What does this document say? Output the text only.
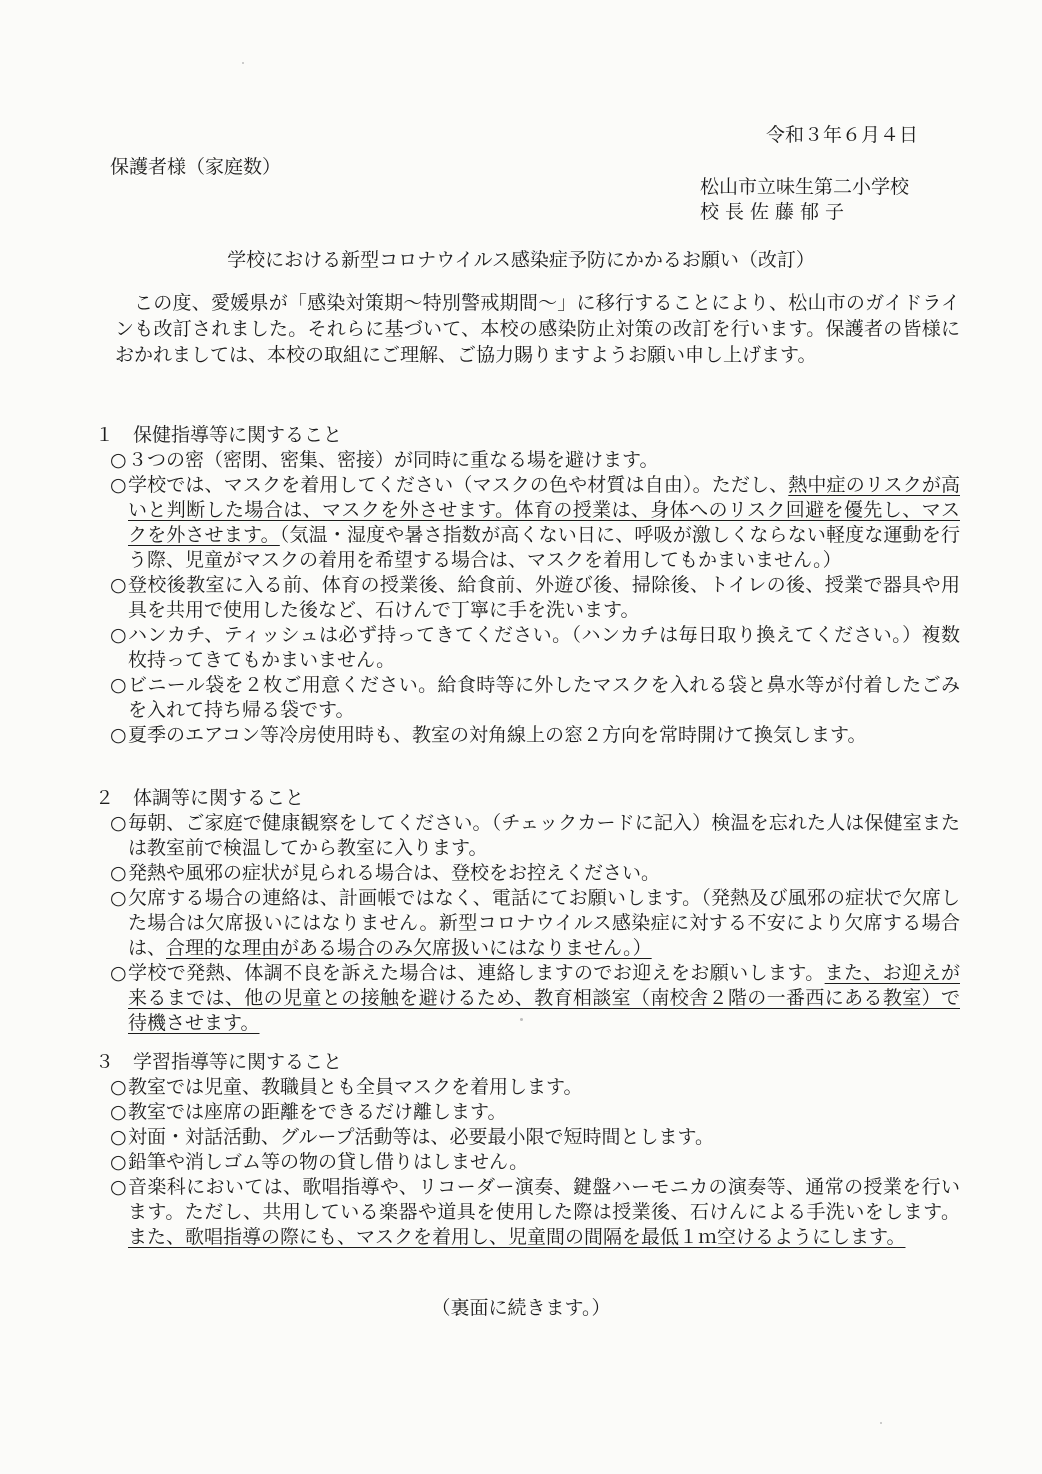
令和３年６月４日
保護者様（家庭数）
松山市立味生第二小学校
校長佐藤郁子
学校における新型コロナウイルス感染症予防にかかるお願い（改訂）
この度、愛媛県が「感染対策期～特別警戒期間～」に移行することにより、松山市のガイドラインも改訂されました。それらに基づいて、本校の感染防止対策の改訂を行います。保護者の皆様におかれましては、本校の取組にご理解、ご協力賜りますようお願い申し上げます。
１ 保健指導等に関すること
○ ３つの密（密閉、密集、密接）が同時に重なる場を避けます。
○ 学校では、マスクを着用してください（マスクの色や材質は自由）。ただし、熱中症のリスクが高いと判断した場合は、マスクを外させます。体育の授業は、身体へのリスク回避を優先し、マスクを外させます。（気温・湿度や暑さ指数が高くない日に、呼吸が激しくならない軽度な運動を行う際、児童がマスクの着用を希望する場合は、マスクを着用してもかまいません。）
○ 登校後教室に入る前、体育の授業後、給食前、外遊び後、掃除後、トイレの後、授業で器具や用具を共用で使用した後など、石けんで丁寧に手を洗います。
○ ハンカチ、ティッシュは必ず持ってきてください。（ハンカチは毎日取り換えてください。）複数枚持ってきてもかまいません。
○ ビニール袋を２枚ご用意ください。給食時等に外したマスクを入れる袋と鼻水等が付着したごみを入れて持ち帰る袋です。
○ 夏季のエアコン等冷房使用時も、教室の対角線上の窓２方向を常時開けて換気します。
２ 体調等に関すること
○ 毎朝、ご家庭で健康観察をしてください。（チェックカードに記入）検温を忘れた人は保健室または教室前で検温してから教室に入ります。
○ 発熱や風邪の症状が見られる場合は、登校をお控えください。
○ 欠席する場合の連絡は、計画帳ではなく、電話にてお願いします。（発熱及び風邪の症状で欠席した場合は欠席扱いにはなりません。新型コロナウイルス感染症に対する不安により欠席する場合は、合理的な理由がある場合のみ欠席扱いにはなりません。）
○ 学校で発熱、体調不良を訴えた場合は、連絡しますのでお迎えをお願いします。また、お迎えが来るまでは、他の児童との接触を避けるため、教育相談室（南校舎２階の一番西にある教室）で待機させます。
３ 学習指導等に関すること
○ 教室では児童、教職員とも全員マスクを着用します。
○ 教室では座席の距離をできるだけ離します。
○ 対面・対話活動、グループ活動等は、必要最小限で短時間とします。
○ 鉛筆や消しゴム等の物の貸し借りはしません。
○ 音楽科においては、歌唱指導や、リコーダー演奏、鍵盤ハーモニカの演奏等、通常の授業を行います。ただし、共用している楽器や道具を使用した際は授業後、石けんによる手洗いをします。また、歌唱指導の際にも、マスクを着用し、児童間の間隔を最低１ｍ空けるようにします。
（裏面に続きます。）
